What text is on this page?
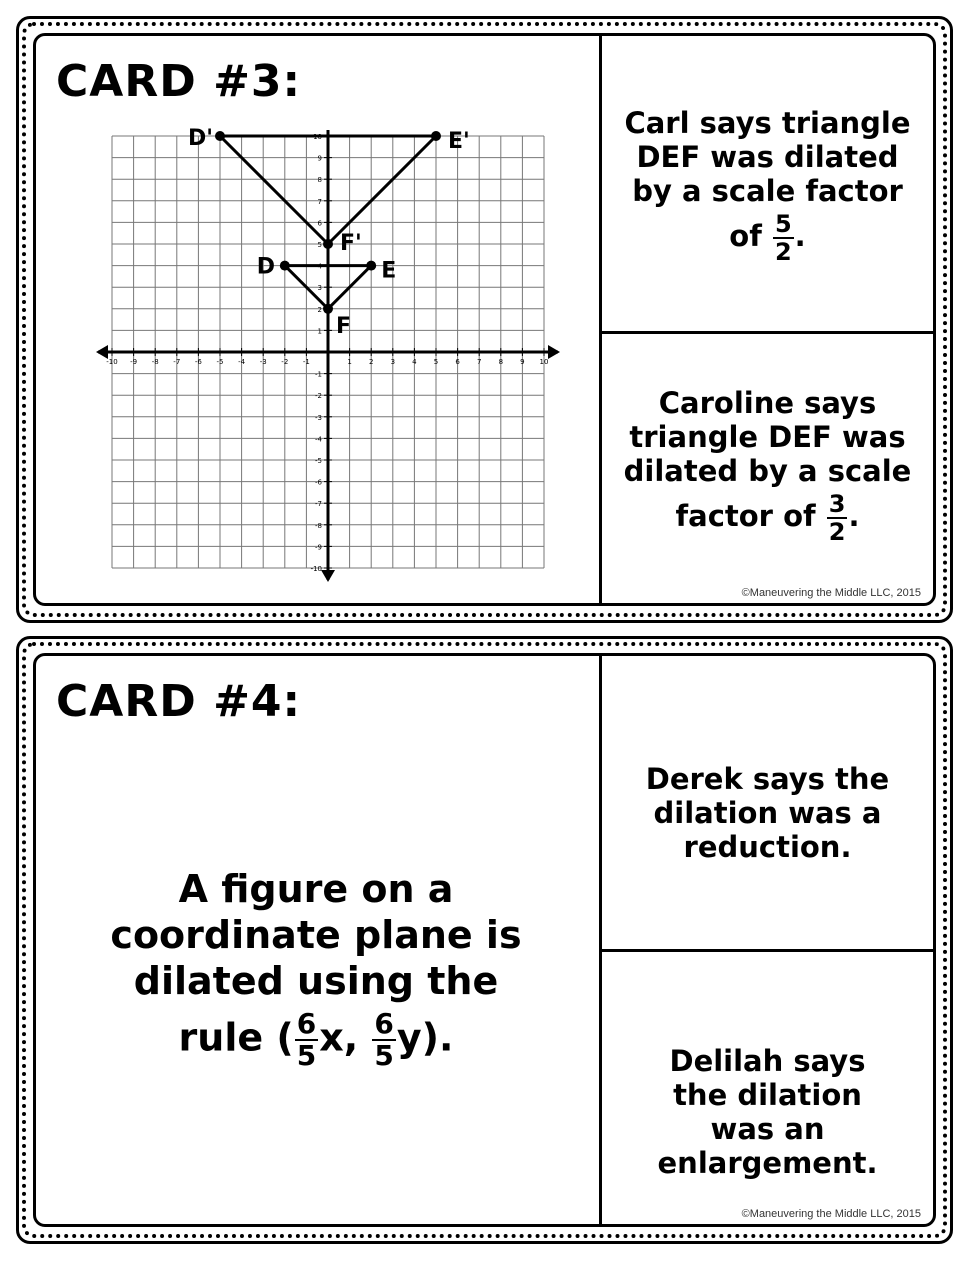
CARD #3:
-10 -9 -8 -7 -6 -5 -4 -3 -2 -1	1 2 3 4 5 6 7 8 9 10
10
9
8
7
6
5
4
3
2
1
-1
-2
-3
-4
-5
-6
-7
-8
-9
-10
D'	E'
F'
D	E
F
Carl says triangle DEF was dilated by a scale factor
of $\frac{5}{2}$ .
Caroline says triangle DEF was dilated by a scale
factor of $\frac{3}{2}$ .
©Maneuvering the Middle LLC, 2015
CARD #4:
A figure on a
coordinate plane is
dilated using the
rule ( $\frac{6}{5} x$, $\frac{6}{5} y$).
Derek says the dilation was a reduction.
Delilah says the dilation was an enlargement.
©Maneuvering the Middle LLC, 2015
